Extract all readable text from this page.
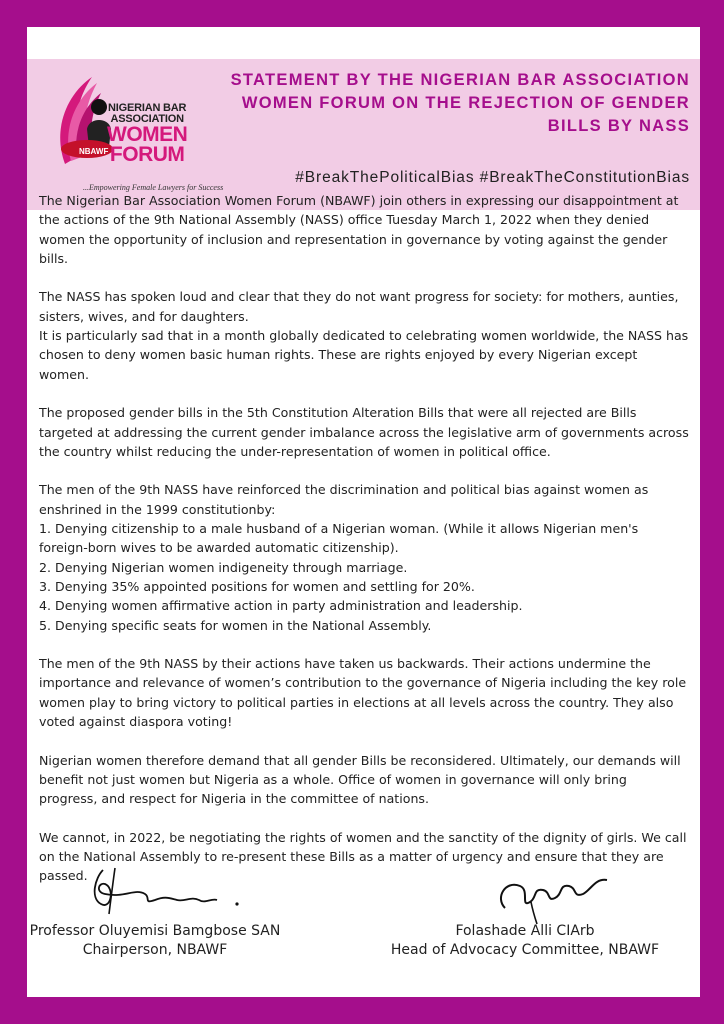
NBAWF
NIGERIAN BAR
ASSOCIATION
WOMEN
FORUM
...Empowering Female Lawyers for Success
STATEMENT BY THE NIGERIAN BAR ASSOCIATION WOMEN FORUM ON THE REJECTION OF GENDER BILLS BY NASS
#BreakThePoliticalBias #BreakTheConstitutionBias

The Nigerian Bar Association Women Forum (NBAWF) join others in expressing our disappointment at the actions of the 9th National Assembly (NASS) office Tuesday March 1, 2022 when they denied women the opportunity of inclusion and representation in governance by voting against the gender bills.

The NASS has spoken loud and clear that they do not want progress for society: for mothers, aunties, sisters, wives, and for daughters.
It is particularly sad that in a month globally dedicated to celebrating women worldwide, the NASS has chosen to deny women basic human rights. These are rights enjoyed by every Nigerian except women.

The proposed gender bills in the 5th Constitution Alteration Bills that were all rejected are Bills targeted at addressing the current gender imbalance across the legislative arm of governments across the country whilst reducing the under-representation of women in political office.

The men of the 9th NASS have reinforced the discrimination and political bias against women as enshrined in the 1999 constitutionby:
1. Denying citizenship to a male husband of a Nigerian woman. (While it allows Nigerian men's foreign-born wives to be awarded automatic citizenship).
2. Denying Nigerian women indigeneity through marriage.
3. Denying 35% appointed positions for women and settling for 20%.
4. Denying women affirmative action in party administration and leadership.
5. Denying specific seats for women in the National Assembly.

The men of the 9th NASS by their actions have taken us backwards. Their actions undermine the importance and relevance of women’s contribution to the governance of Nigeria including the key role women play to bring victory to political parties in elections at all levels across the country. They also voted against diaspora voting!

Nigerian women therefore demand that all gender Bills be reconsidered. Ultimately, our demands will benefit not just women but Nigeria as a whole. Office of women in governance will only bring progress, and respect for Nigeria in the committee of nations.

We cannot, in 2022, be negotiating the rights of women and the sanctity of the dignity of girls. We call on the National Assembly to re-present these Bills as a matter of urgency and ensure that they are passed.

Professor Oluyemisi Bamgbose SAN
Chairperson, NBAWF
Folashade Alli CIArb
Head of Advocacy Committee, NBAWF
